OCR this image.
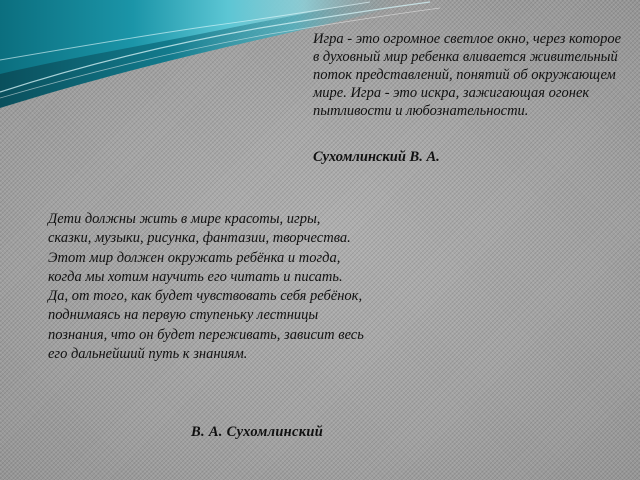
Игра - это огромное светлое окно, через которое в духовный мир ребенка вливается живительный поток представлений, понятий об окружающем мире. Игра - это искра, зажигающая огонек пытливости и любознательности.

Сухомлинский В. А.

Дети должны жить в мире красоты, игры, сказки, музыки, рисунка, фантазии, творчества. Этот мир должен окружать ребёнка и тогда, когда мы хотим научить его читать и писать. Да, от того, как будет чувствовать себя ребёнок, поднимаясь на первую ступеньку лестницы познания, что он будет переживать, зависит весь его дальнейший путь к знаниям.

В. А. Сухомлинский
